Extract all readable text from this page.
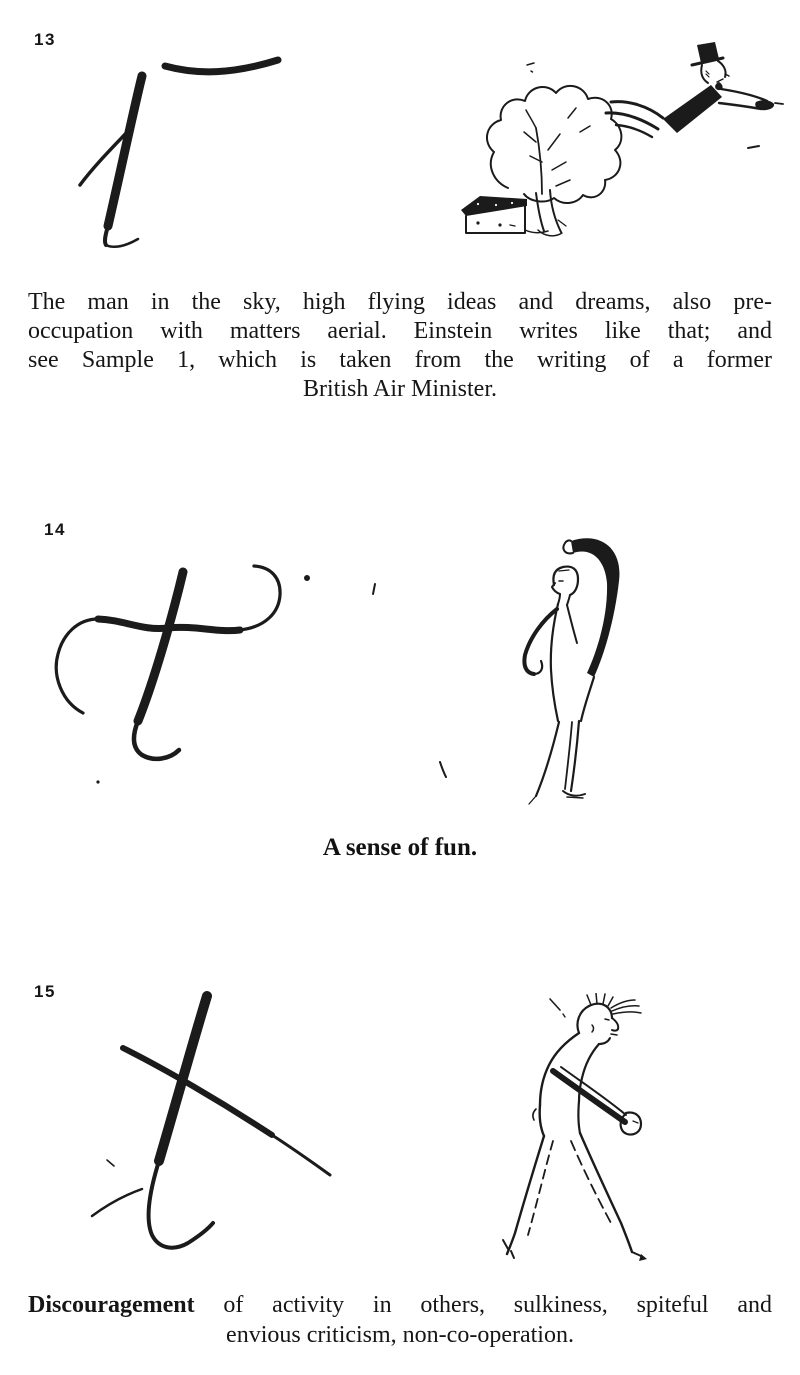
13
The man in the sky, high flying ideas and dreams, also pre-
occupation with matters aerial. Einstein writes like that; and
see Sample 1, which is taken from the writing of a former
British Air Minister.
14
A sense of fun.
15
Discouragement of activity in others, sulkiness, spiteful and
envious criticism, non-co-operation.
